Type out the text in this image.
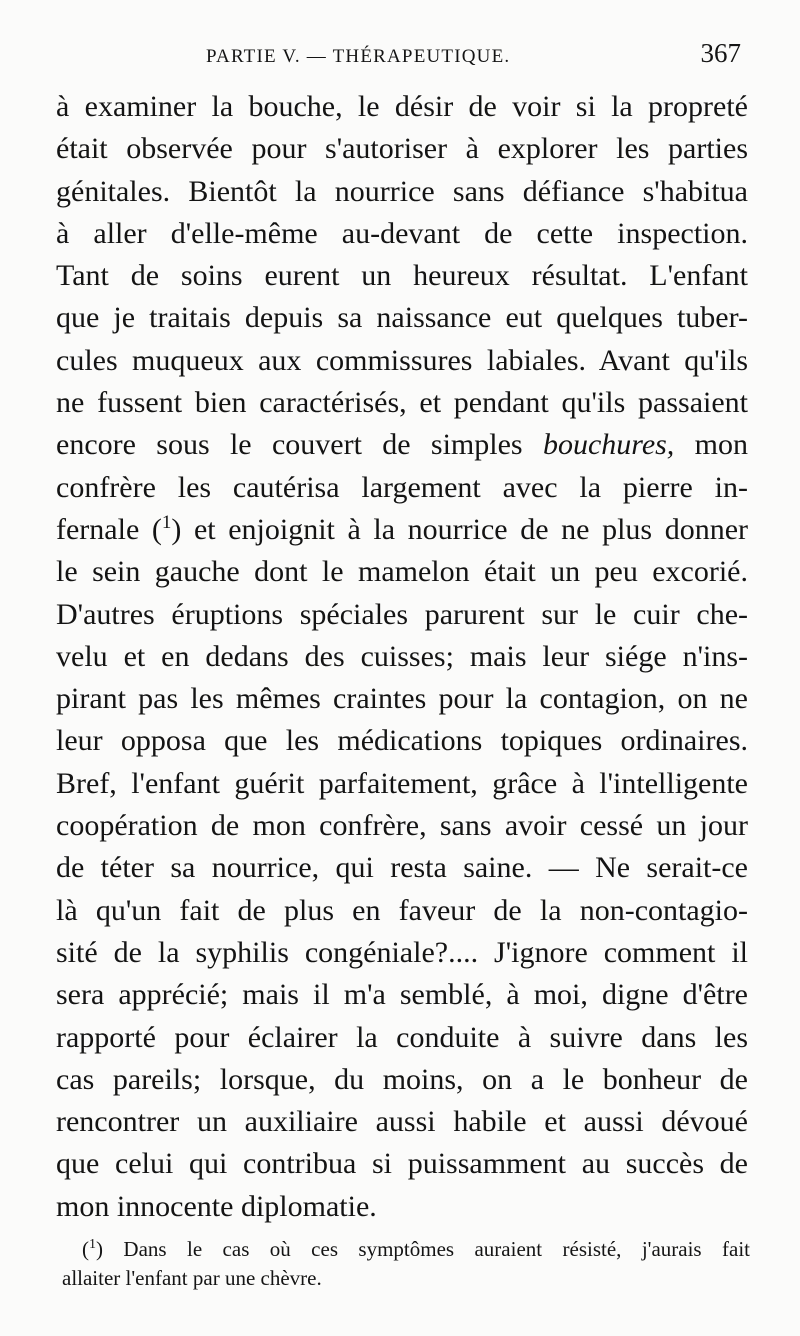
PARTIE V. — THÉRAPEUTIQUE.	367
à examiner la bouche, le désir de voir si la propreté
était observée pour s'autoriser à explorer les parties
génitales. Bientôt la nourrice sans défiance s'habitua
à aller d'elle-même au-devant de cette inspection.
Tant de soins eurent un heureux résultat. L'enfant
que je traitais depuis sa naissance eut quelques tuber-
cules muqueux aux commissures labiales. Avant qu'ils
ne fussent bien caractérisés, et pendant qu'ils passaient
encore sous le couvert de simples bouchures, mon
confrère les cautérisa largement avec la pierre in-
fernale ($^1$) et enjoignit à la nourrice de ne plus donner
le sein gauche dont le mamelon était un peu excorié.
D'autres éruptions spéciales parurent sur le cuir che-
velu et en dedans des cuisses; mais leur siége n'ins-
pirant pas les mêmes craintes pour la contagion, on ne
leur opposa que les médications topiques ordinaires.
Bref, l'enfant guérit parfaitement, grâce à l'intelligente
coopération de mon confrère, sans avoir cessé un jour
de téter sa nourrice, qui resta saine. — Ne serait-ce
là qu'un fait de plus en faveur de la non-contagio-
sité de la syphilis congéniale?.... J'ignore comment il
sera apprécié; mais il m'a semblé, à moi, digne d'être
rapporté pour éclairer la conduite à suivre dans les
cas pareils; lorsque, du moins, on a le bonheur de
rencontrer un auxiliaire aussi habile et aussi dévoué
que celui qui contribua si puissamment au succès de
mon innocente diplomatie.
($^1$) Dans le cas où ces symptômes auraient résisté, j'aurais fait
allaiter l'enfant par une chèvre.
